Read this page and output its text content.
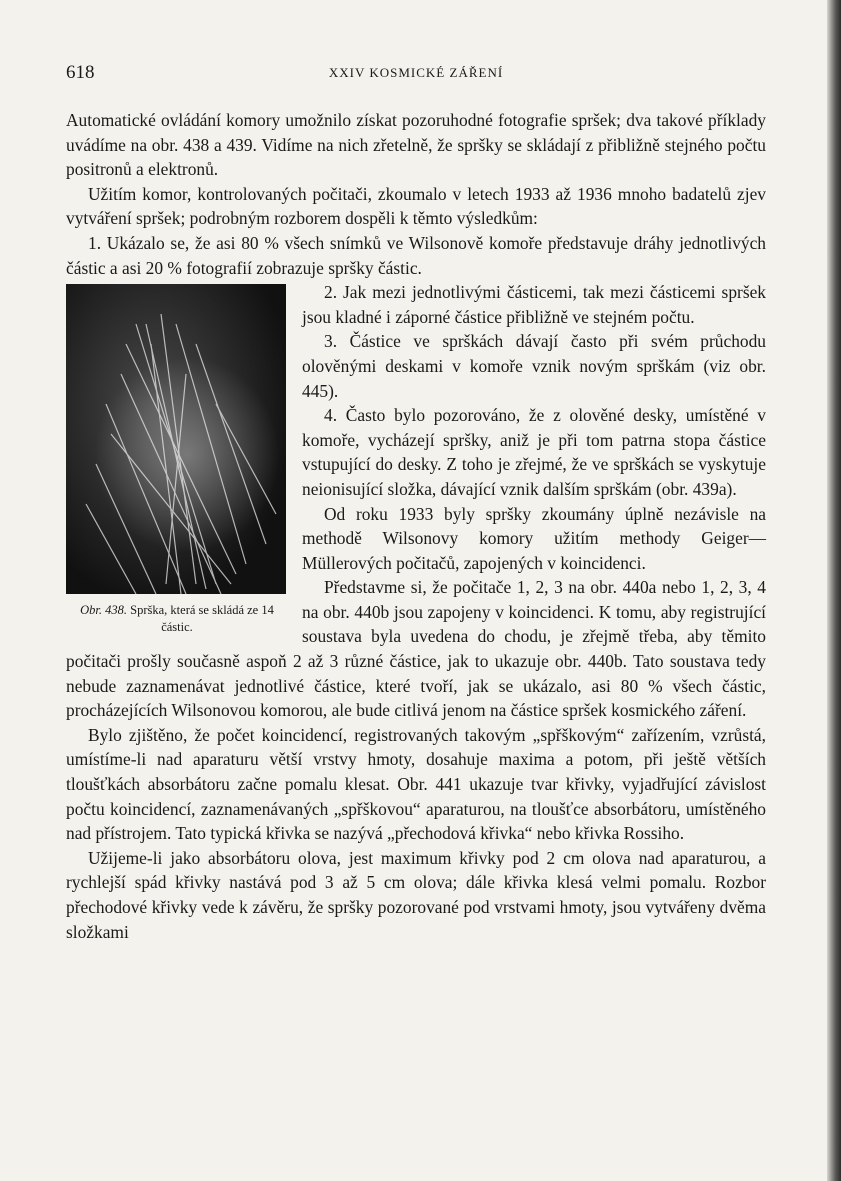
618	XXIV KOSMICKÉ ZÁŘENÍ

Automatické ovládání komory umožnilo získat pozoruhodné fotografie spršek; dva takové příklady uvádíme na obr. 438 a 439. Vidíme na nich zřetelně, že spršky se skládají z přibližně stejného počtu positronů a elektronů.

Užitím komor, kontrolovaných počitači, zkoumalo v letech 1933 až 1936 mnoho badatelů zjev vytváření spršek; podrobným rozborem dospěli k těmto výsledkům:

1. Ukázalo se, že asi 80 % všech snímků ve Wilsonově komoře představuje dráhy jednotlivých částic a asi 20 % fotografií zobrazuje spršky částic.

Obr. 438. Sprška, která se skládá ze 14 částic.

2. Jak mezi jednotlivými částicemi, tak mezi částicemi spršek jsou kladné i záporné částice přibližně ve stejném počtu.

3. Částice ve sprškách dávají často při svém průchodu olověnými deskami v komoře vznik novým sprškám (viz obr. 445).

4. Často bylo pozorováno, že z olověné desky, umístěné v komoře, vycházejí spršky, aniž je při tom patrna stopa částice vstupující do desky. Z toho je zřejmé, že ve sprškách se vyskytuje neionisující složka, dávající vznik dalším sprškám (obr. 439a).

Od roku 1933 byly spršky zkoumány úplně nezávisle na methodě Wilsonovy komory užitím methody Geiger—Müllerových počitačů, zapojených v koincidenci.

Představme si, že počitače 1, 2, 3 na obr. 440a nebo 1, 2, 3, 4 na obr. 440b jsou zapojeny v koincidenci. K tomu, aby registrující soustava byla uvedena do chodu, je zřejmě třeba, aby těmito počitači prošly současně aspoň 2 až 3 různé částice, jak to ukazuje obr. 440b. Tato soustava tedy nebude zaznamenávat jednotlivé částice, které tvoří, jak se ukázalo, asi 80 % všech částic, procházejících Wilsonovou komorou, ale bude citlivá jenom na částice spršek kosmického záření.

Bylo zjištěno, že počet koincidencí, registrovaných takovým „spřškovým“ zařízením, vzrůstá, umístíme-li nad aparaturu větší vrstvy hmoty, dosahuje maxima a potom, při ještě větších tloušťkách absorbátoru začne pomalu klesat. Obr. 441 ukazuje tvar křivky, vyjadřující závislost počtu koincidencí, zaznamenávaných „spřškovou“ aparaturou, na tloušťce absorbátoru, umístěného nad přístrojem. Tato typická křivka se nazývá „přechodová křivka“ nebo křivka Rossiho.

Užijeme-li jako absorbátoru olova, jest maximum křivky pod 2 cm olova nad aparaturou, a rychlejší spád křivky nastává pod 3 až 5 cm olova; dále křivka klesá velmi pomalu. Rozbor přechodové křivky vede k závěru, že spršky pozorované pod vrstvami hmoty, jsou vytvářeny dvěma složkami
